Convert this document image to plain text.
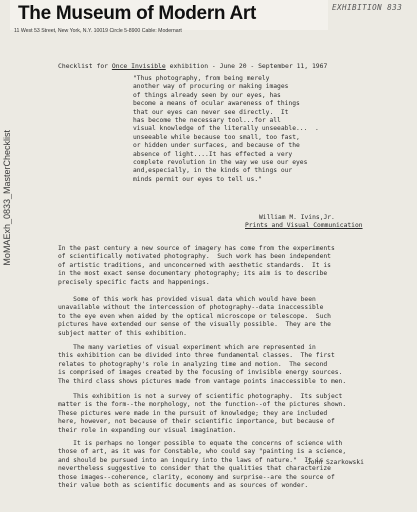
MoMAExh_0833_MasterChecklist
The Museum of Modern Art
11 West 53 Street, New York, N.Y. 10019 Circle 5-8900 Cable: Modernart
EXHIBITION 833
Checklist for Once Invisible exhibition - June 20 - September 11, 1967
"Thus photography, from being merely
another way of procuring or making images
of things already seen by our eyes, has
become a means of ocular awareness of things
that our eyes can never see directly.  It
has become the necessary tool...for all
visual knowledge of the literally unseeable...  .
unseeable while because too small, too fast,
or hidden under surfaces, and because of the
absence of light....It has effected a very
complete revolution in the way we use our eyes
and,especially, in the kinds of things our
minds permit our eyes to tell us."
William M. Ivins,Jr.
Prints and Visual Communication
In the past century a new source of imagery has come from the experiments
of scientifically motivated photography.  Such work has been independent
of artistic traditions, and unconcerned with aesthetic standards.  It is
in the most exact sense documentary photography; its aim is to describe
precisely specific facts and happenings.
Some of this work has provided visual data which would have been
unavailable without the intercession of photography--data inaccessible
to the eye even when aided by the optical microscope or telescope.  Such
pictures have extended our sense of the visually possible.  They are the
subject matter of this exhibition.
The many varieties of visual experiment which are represented in
this exhibition can be divided into three fundamental classes.  The first
relates to photography's role in analyzing time and motion.  The second
is comprised of images created by the focusing of invisible energy sources.
The third class shows pictures made from vantage points inaccessible to men.
This exhibition is not a survey of scientific photography.  Its subject
matter is the form--the morphology, not the function--of the pictures shown.
These pictures were made in the pursuit of knowledge; they are included
here, however, not because of their scientific importance, but because of
their role in expanding our visual imagination.
It is perhaps no longer possible to equate the concerns of science with
those of art, as it was for Constable, who could say "painting is a science,
and should be pursued into an inquiry into the laws of nature."  It is
nevertheless suggestive to consider that the qualities that characterize
those images--coherence, clarity, economy and surprise--are the source of
their value both as scientific documents and as sources of wonder.
John Szarkowski
